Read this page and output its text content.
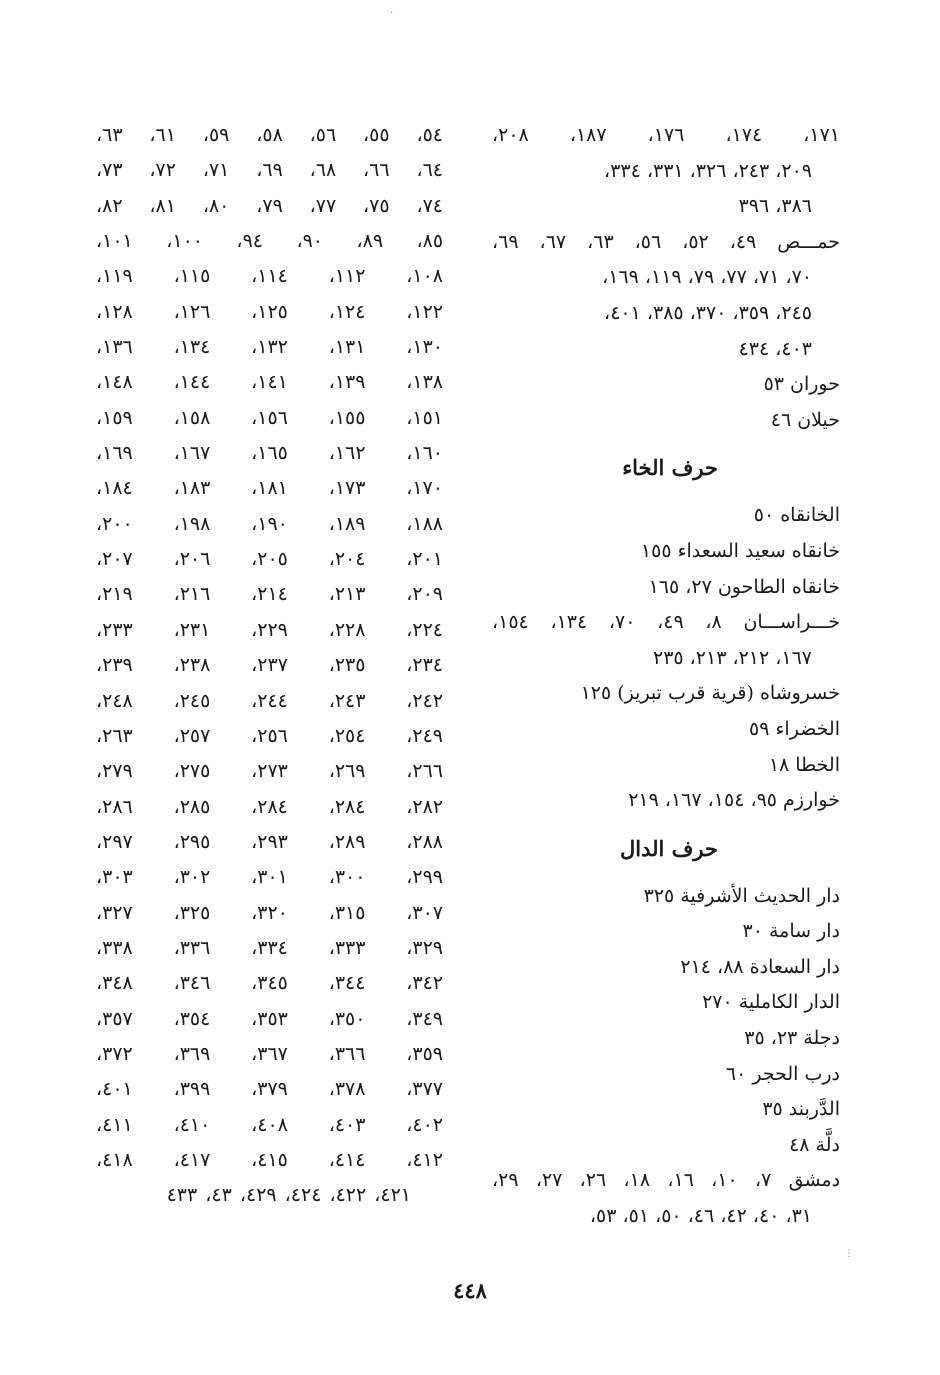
١٧١، ١٧٤، ١٧٦، ١٨٧، ٢٠٨،
٢٠٩، ٢٤٣، ٣٢٦، ٣٣١، ٣٣٤،
٣٨٦، ٣٩٦
حمـــص ٤٩، ٥٢، ٥٦، ٦٣، ٦٧، ٦٩،
٧٠، ٧١، ٧٧، ٧٩، ١١٩، ١٦٩،
٢٤٥، ٣٥٩، ٣٧٠، ٣٨٥، ٤٠١،
٤٠٣، ٤٣٤
حوران ٥٣
حيلان ٤٦
حرف الخاء
الخانقاه ٥٠
خانقاه سعيد السعداء ١٥٥
خانقاه الطاحون ٢٧، ١٦٥
خـــراســـان ٨، ٤٩، ٧٠، ١٣٤، ١٥٤،
١٦٧، ٢١٢، ٢١٣، ٢٣٥
خسروشاه (قرية قرب تبريز) ١٢٥
الخضراء ٥٩
الخطا ١٨
خوارزم ٩٥، ١٥٤، ١٦٧، ٢١٩
حرف الدال
دار الحديث الأشرفية ٣٢٥
دار سامة ٣٠
دار السعادة ٨٨، ٢١٤
الدار الكاملية ٢٧٠
دجلة ٢٣، ٣٥
درب الحجر ٦٠
الدَّربند ٣٥
دلَّة ٤٨
دمشق ٧، ١٠، ١٦، ١٨، ٢٦، ٢٧، ٢٩،
٣١، ٤٠، ٤٢، ٤٦، ٥٠، ٥١، ٥٣،
٥٤، ٥٥، ٥٦، ٥٨، ٥٩، ٦١، ٦٣،
٦٤، ٦٦، ٦٨، ٦٩، ٧١، ٧٢، ٧٣،
٧٤، ٧٥، ٧٧، ٧٩، ٨٠، ٨١، ٨٢،
٨٥، ٨٩، ٩٠، ٩٤، ١٠٠، ١٠١،
١٠٨، ١١٢، ١١٤، ١١٥، ١١٩،
١٢٢، ١٢٤، ١٢٥، ١٢٦، ١٢٨،
١٣٠، ١٣١، ١٣٢، ١٣٤، ١٣٦،
١٣٨، ١٣٩، ١٤١، ١٤٤، ١٤٨،
١٥١، ١٥٥، ١٥٦، ١٥٨، ١٥٩،
١٦٠، ١٦٢، ١٦٥، ١٦٧، ١٦٩،
١٧٠، ١٧٣، ١٨١، ١٨٣، ١٨٤،
١٨٨، ١٨٩، ١٩٠، ١٩٨، ٢٠٠،
٢٠١، ٢٠٤، ٢٠٥، ٢٠٦، ٢٠٧،
٢٠٩، ٢١٣، ٢١٤، ٢١٦، ٢١٩،
٢٢٤، ٢٢٨، ٢٢٩، ٢٣١، ٢٣٣،
٢٣٤، ٢٣٥، ٢٣٧، ٢٣٨، ٢٣٩،
٢٤٢، ٢٤٣، ٢٤٤، ٢٤٥، ٢٤٨،
٢٤٩، ٢٥٤، ٢٥٦، ٢٥٧، ٢٦٣،
٢٦٦، ٢٦٩، ٢٧٣، ٢٧٥، ٢٧٩،
٢٨٢، ٢٨٤، ٢٨٤، ٢٨٥، ٢٨٦،
٢٨٨، ٢٨٩، ٢٩٣، ٢٩٥، ٢٩٧،
٢٩٩، ٣٠٠، ٣٠١، ٣٠٢، ٣٠٣،
٣٠٧، ٣١٥، ٣٢٠، ٣٢٥، ٣٢٧،
٣٢٩، ٣٣٣، ٣٣٤، ٣٣٦، ٣٣٨،
٣٤٢، ٣٤٤، ٣٤٥، ٣٤٦، ٣٤٨،
٣٤٩، ٣٥٠، ٣٥٣، ٣٥٤، ٣٥٧،
٣٥٩، ٣٦٦، ٣٦٧، ٣٦٩، ٣٧٢،
٣٧٧، ٣٧٨، ٣٧٩، ٣٩٩، ٤٠١،
٤٠٢، ٤٠٣، ٤٠٨، ٤١٠، ٤١١،
٤١٢، ٤١٤، ٤١٥، ٤١٧، ٤١٨،
٤٢١، ٤٢٢، ٤٢٤، ٤٢٩، ٤٣، ٤٣٣
٤٤٨
·
⋮
